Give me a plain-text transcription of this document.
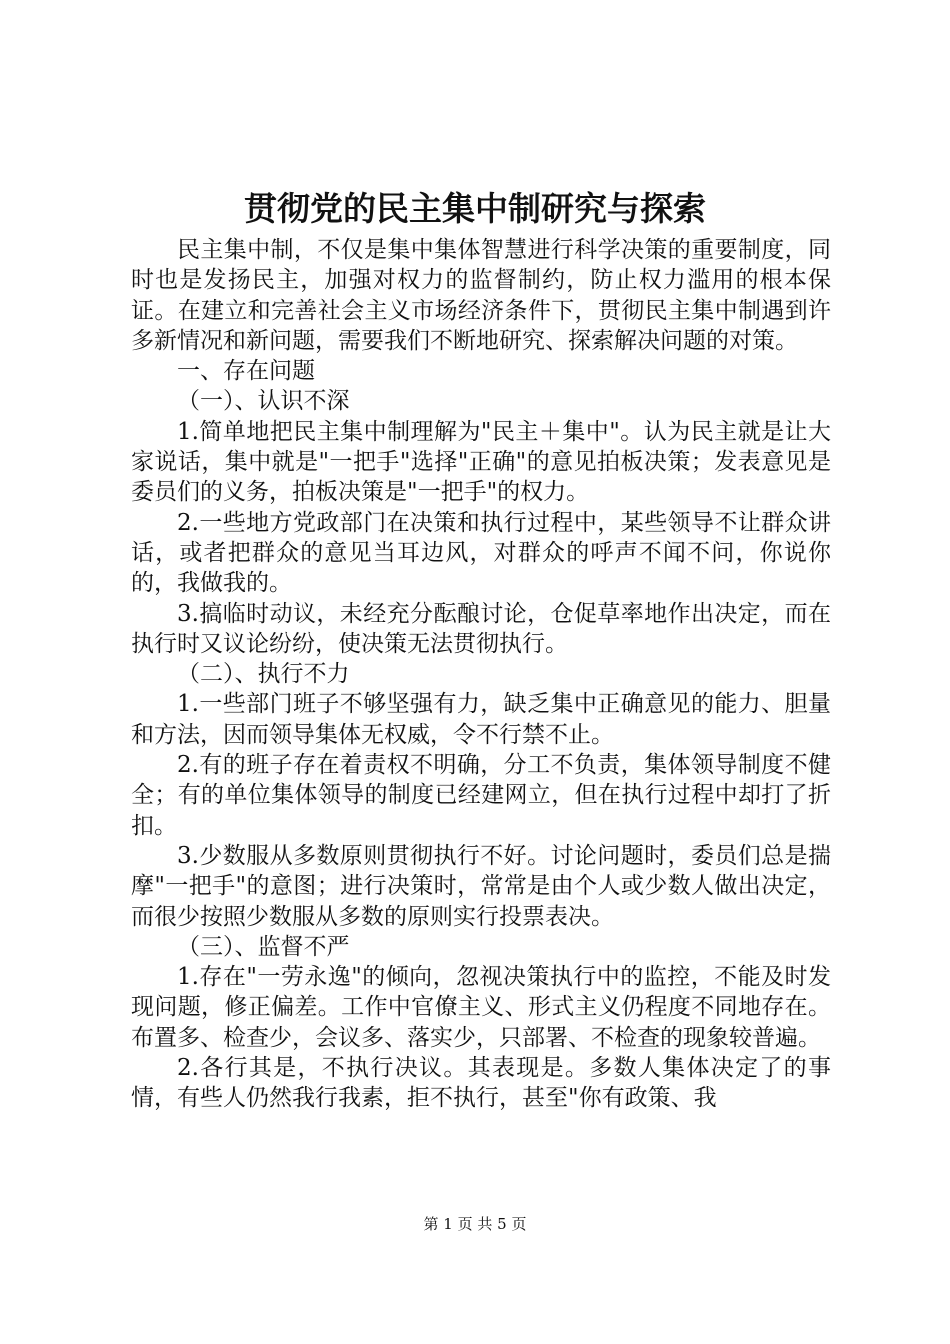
贯彻党的民主集中制研究与探索

民主集中制，不仅是集中集体智慧进行科学决策的重要制度，同时也是发扬民主，加强对权力的监督制约，防止权力滥用的根本保证。在建立和完善社会主义市场经济条件下，贯彻民主集中制遇到许多新情况和新问题，需要我们不断地研究、探索解决问题的对策。

一、存在问题

（一）、认识不深

1.简单地把民主集中制理解为"民主＋集中"。认为民主就是让大家说话，集中就是"一把手"选择"正确"的意见拍板决策；发表意见是委员们的义务，拍板决策是"一把手"的权力。

2.一些地方党政部门在决策和执行过程中，某些领导不让群众讲话，或者把群众的意见当耳边风，对群众的呼声不闻不问，你说你的，我做我的。

3.搞临时动议，未经充分酝酿讨论，仓促草率地作出决定，而在执行时又议论纷纷，使决策无法贯彻执行。

（二）、执行不力

1.一些部门班子不够坚强有力，缺乏集中正确意见的能力、胆量和方法，因而领导集体无权威，令不行禁不止。

2.有的班子存在着责权不明确，分工不负责，集体领导制度不健全；有的单位集体领导的制度已经建网立，但在执行过程中却打了折扣。

3.少数服从多数原则贯彻执行不好。讨论问题时，委员们总是揣摩"一把手"的意图；进行决策时，常常是由个人或少数人做出决定，而很少按照少数服从多数的原则实行投票表决。

（三）、监督不严

1.存在"一劳永逸"的倾向，忽视决策执行中的监控，不能及时发现问题，修正偏差。工作中官僚主义、形式主义仍程度不同地存在。布置多、检查少，会议多、落实少，只部署、不检查的现象较普遍。

2.各行其是，不执行决议。其表现是。多数人集体决定了的事情，有些人仍然我行我素，拒不执行，甚至"你有政策、我

第 1 页 共 5 页
